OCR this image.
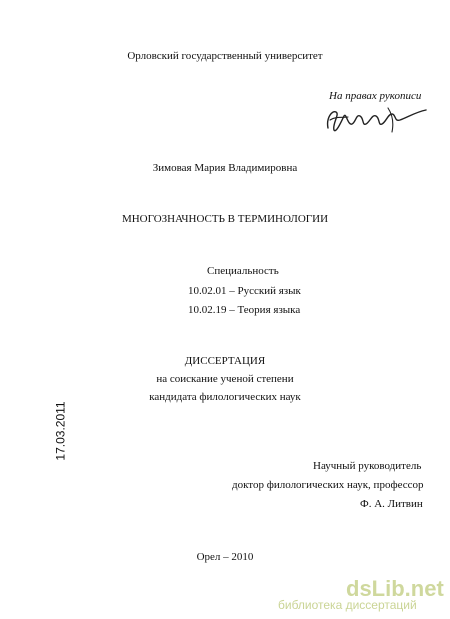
Орловский государственный университет
На правах рукописи
Зимовая Мария Владимировна
МНОГОЗНАЧНОСТЬ В ТЕРМИНОЛОГИИ
Специальность
10.02.01 – Русский язык
10.02.19 – Теория языка
ДИССЕРТАЦИЯ
на соискание ученой степени
кандидата филологических наук
Научный руководитель
доктор филологических наук, профессор
Ф. А. Литвин
Орел – 2010
17.03.2011
dsLib.net
библиотека диссертаций
